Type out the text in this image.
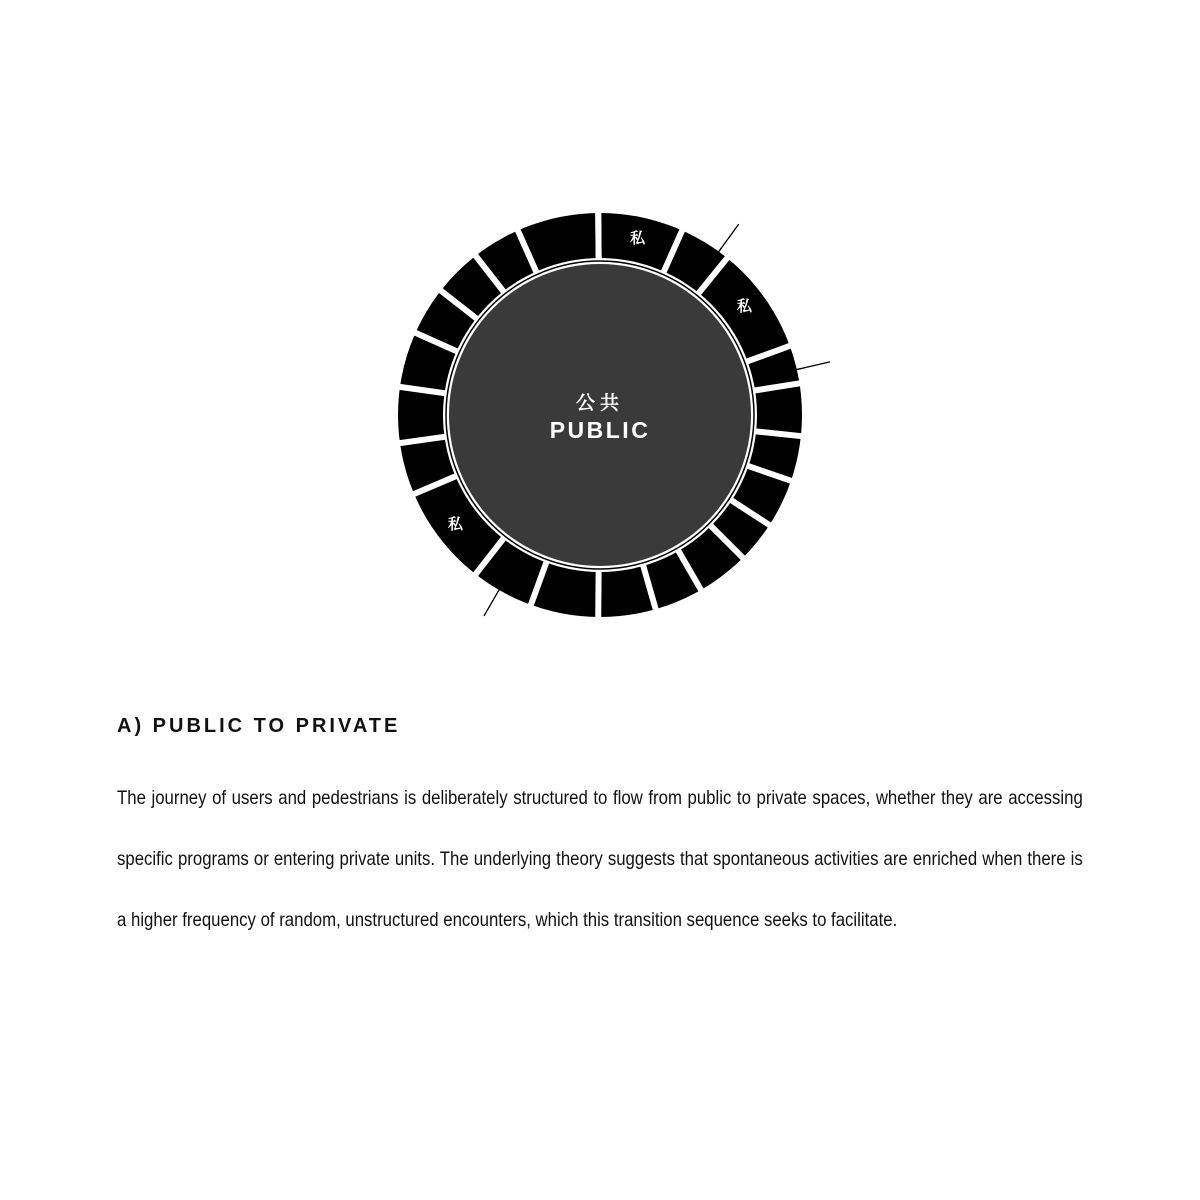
公共
PUBLIC
私
私
私
A) PUBLIC TO PRIVATE

The journey of users and pedestrians is deliberately structured to flow from public to private spaces, whether they are accessing specific programs or entering private units. The underlying theory suggests that spontaneous activities are enriched when there is a higher frequency of random, unstructured encounters, which this transition sequence seeks to facilitate.
